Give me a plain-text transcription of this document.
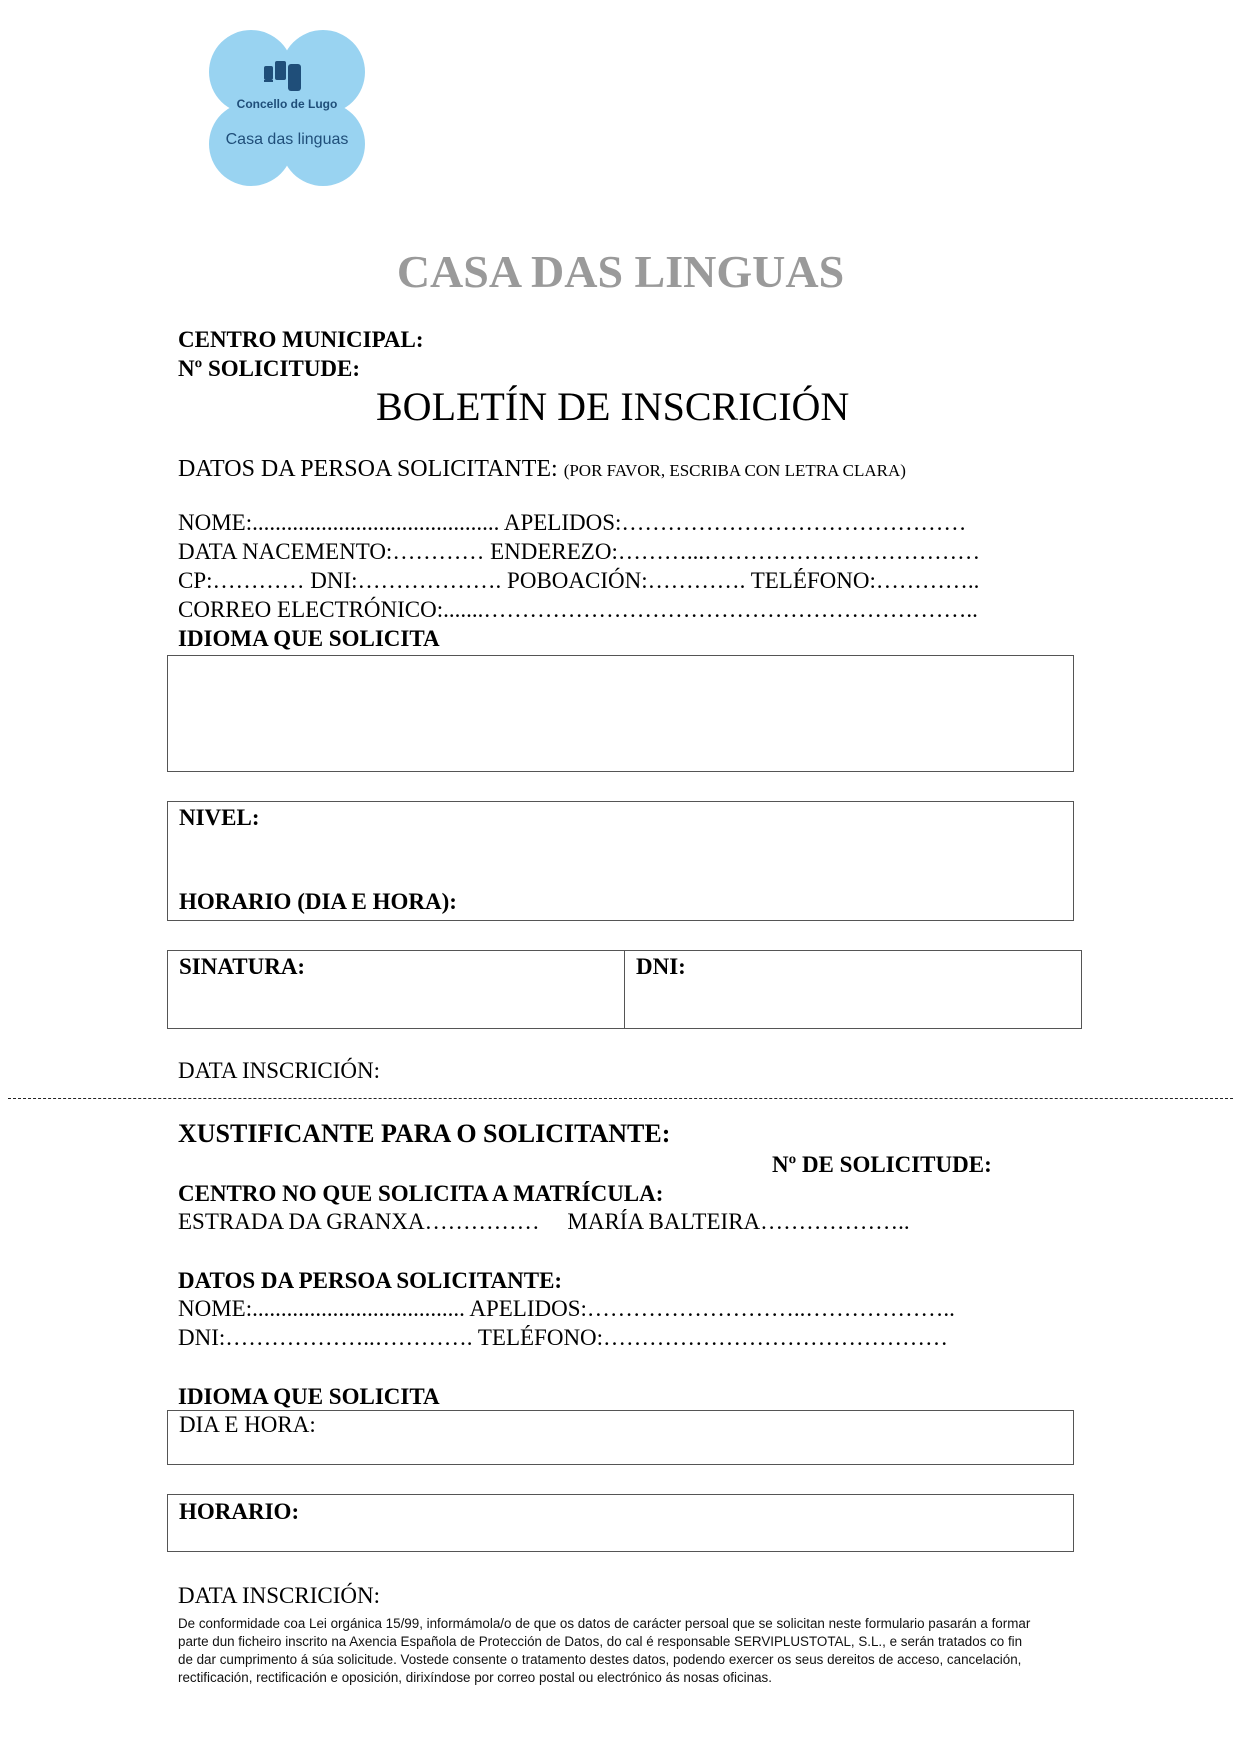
Concello de Lugo
Casa das linguas
CASA DAS LINGUAS
CENTRO MUNICIPAL:
Nº SOLICITUDE:
BOLETÍN DE INSCRICIÓN
DATOS DA PERSOA SOLICITANTE: (POR FAVOR, ESCRIBA CON LETRA CLARA)
NOME:........................................... APELIDOS:………………………………………
DATA NACEMENTO:………… ENDEREZO:………...………………………………
CP:………… DNI:………………. POBOACIÓN:…………. TELÉFONO:…………..
CORREO ELECTRÓNICO:.......………………………………………………………..
IDIOMA QUE SOLICITA
NIVEL:
HORARIO (DIA E HORA):
SINATURA:	DNI:
DATA INSCRICIÓN:
XUSTIFICANTE PARA O SOLICITANTE:
Nº DE SOLICITUDE:
CENTRO NO QUE SOLICITA A MATRÍCULA:
ESTRADA DA GRANXA…………… MARÍA BALTEIRA………………..
DATOS DA PERSOA SOLICITANTE:
NOME:..................................... APELIDOS:………………………..………………..
DNI:………………..…………. TELÉFONO:………………………………………
IDIOMA QUE SOLICITA
DIA E HORA:
HORARIO:
DATA INSCRICIÓN:
De conformidade coa Lei orgánica 15/99, informámola/o de que os datos de carácter persoal que se solicitan neste formulario pasarán a formar
parte dun ficheiro inscrito na Axencia Española de Protección de Datos, do cal é responsable SERVIPLUSTOTAL, S.L., e serán tratados co fin
de dar cumprimento á súa solicitude. Vostede consente o tratamento destes datos, podendo exercer os seus dereitos de acceso, cancelación,
rectificación, rectificación e oposición, dirixíndose por correo postal ou electrónico ás nosas oficinas.
